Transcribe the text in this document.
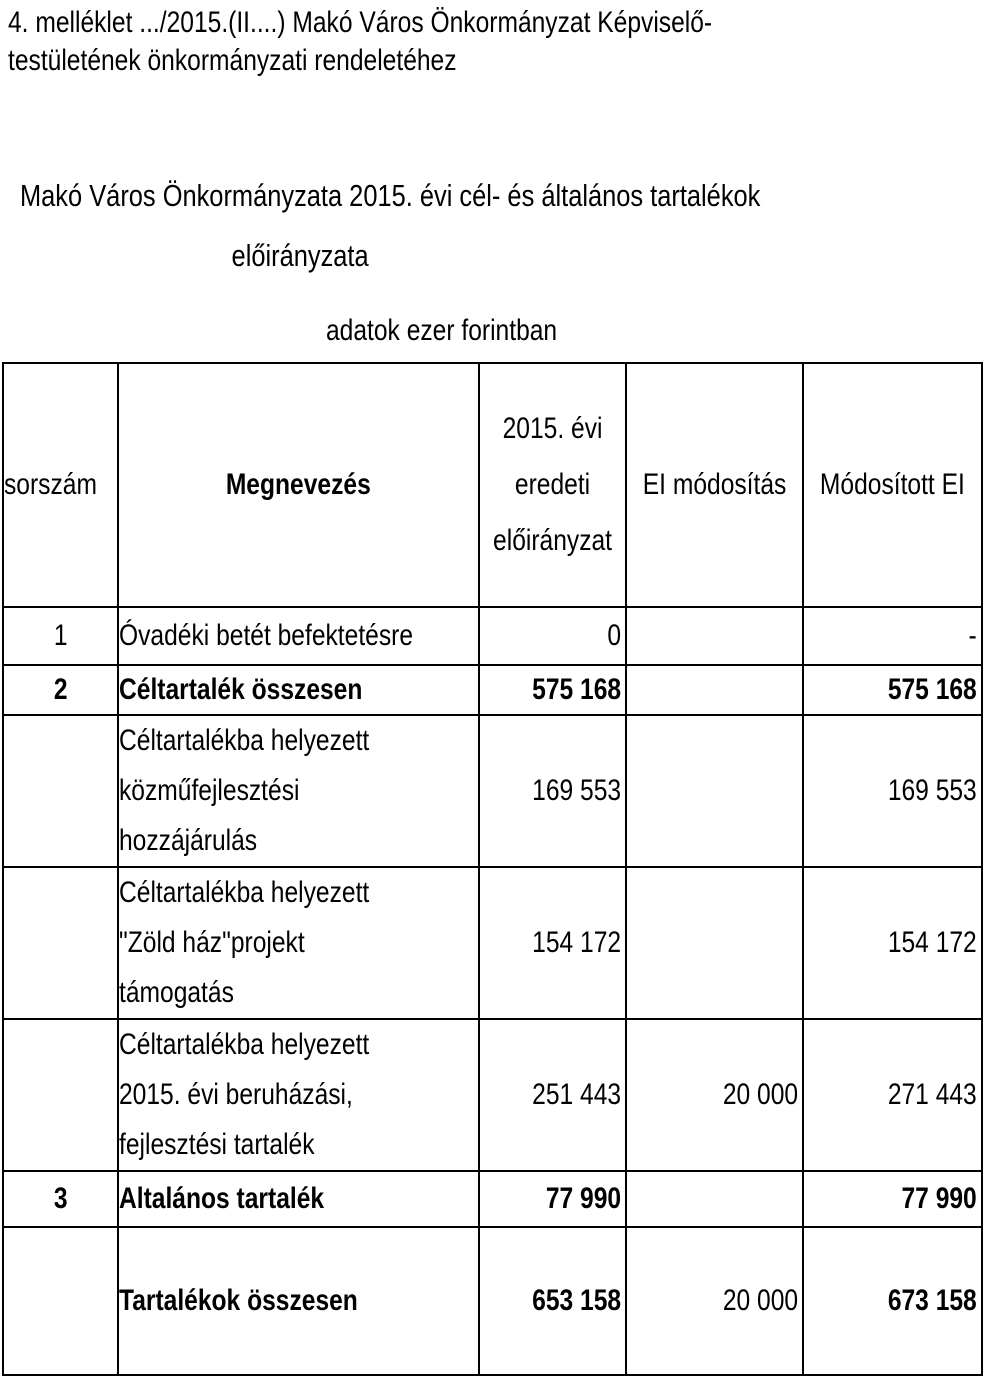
4. melléklet .../2015.(II....) Makó Város Önkormányzat Képviselő-
testületének önkormányzati rendeletéhez
Makó Város Önkormányzata 2015. évi cél- és általános tartalékok
előirányzata
adatok ezer forintban
sorszám	Megnevezés	2015. évi
eredeti
előirányzat	EI módosítás	Módosított EI

1	Óvadéki betét befektetésre	0		-

2	Céltartalék összesen	575 168		575 168

	Céltartalékba helyezett közműfejlesztési
hozzájárulás	169 553		169 553

	Céltartalékba helyezett "Zöld ház"projekt
támogatás	154 172		154 172

	Céltartalékba helyezett 2015. évi beruházási,
fejlesztési tartalék	251 443	20 000	271 443

3	Altalános tartalék	77 990		77 990

	Tartalékok összesen	653 158	20 000	673 158
